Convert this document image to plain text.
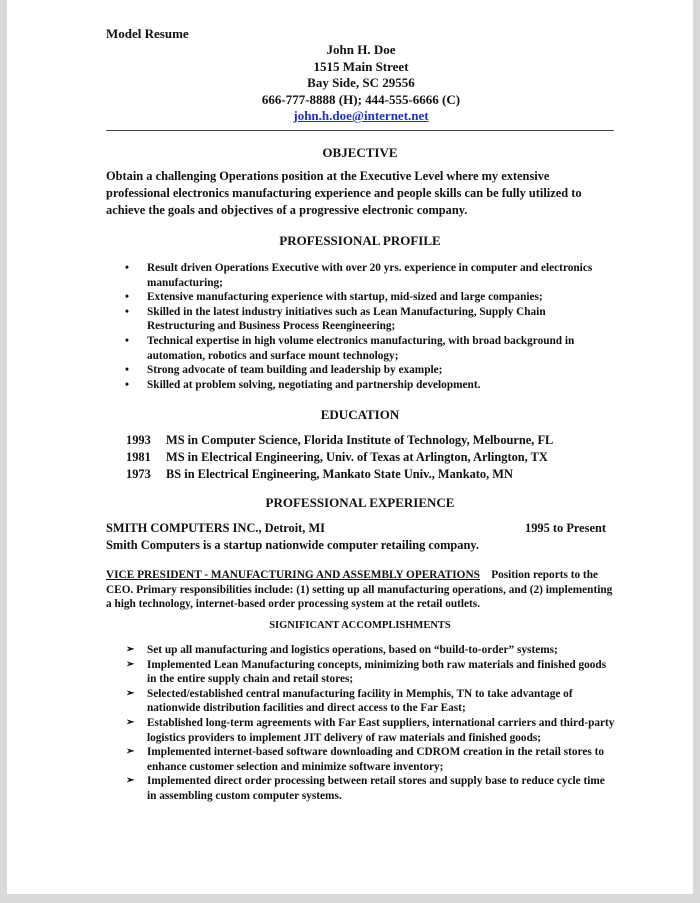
Model Resume
John H. Doe
1515 Main Street
Bay Side, SC 29556
666-777-8888 (H); 444-555-6666 (C)
john.h.doe@internet.net
OBJECTIVE
Obtain a challenging Operations position at the Executive Level where my extensive professional electronics manufacturing experience and people skills can be fully utilized to achieve the goals and objectives of a progressive electronic company.
PROFESSIONAL PROFILE
• Result driven Operations Executive with over 20 yrs. experience in computer and electronics manufacturing;
• Extensive manufacturing experience with startup, mid-sized and large companies;
• Skilled in the latest industry initiatives such as Lean Manufacturing, Supply Chain Restructuring and Business Process Reengineering;
• Technical expertise in high volume electronics manufacturing, with broad background in automation, robotics and surface mount technology;
• Strong advocate of team building and leadership by example;
• Skilled at problem solving, negotiating and partnership development.
EDUCATION
1993	MS in Computer Science, Florida Institute of Technology, Melbourne, FL
1981	MS in Electrical Engineering, Univ. of Texas at Arlington, Arlington, TX
1973	BS in Electrical Engineering, Mankato State Univ., Mankato, MN
PROFESSIONAL EXPERIENCE
SMITH COMPUTERS INC., Detroit, MI	1995 to Present
Smith Computers is a startup nationwide computer retailing company.
VICE PRESIDENT - MANUFACTURING AND ASSEMBLY OPERATIONS Position reports to the CEO. Primary responsibilities include: (1) setting up all manufacturing operations, and (2) implementing a high technology, internet-based order processing system at the retail outlets.
SIGNIFICANT ACCOMPLISHMENTS
➢ Set up all manufacturing and logistics operations, based on “build-to-order” systems;
➢ Implemented Lean Manufacturing concepts, minimizing both raw materials and finished goods in the entire supply chain and retail stores;
➢ Selected/established central manufacturing facility in Memphis, TN to take advantage of nationwide distribution facilities and direct access to the Far East;
➢ Established long-term agreements with Far East suppliers, international carriers and third-party logistics providers to implement JIT delivery of raw materials and finished goods;
➢ Implemented internet-based software downloading and CDROM creation in the retail stores to enhance customer selection and minimize software inventory;
➢ Implemented direct order processing between retail stores and supply base to reduce cycle time in assembling custom computer systems.
